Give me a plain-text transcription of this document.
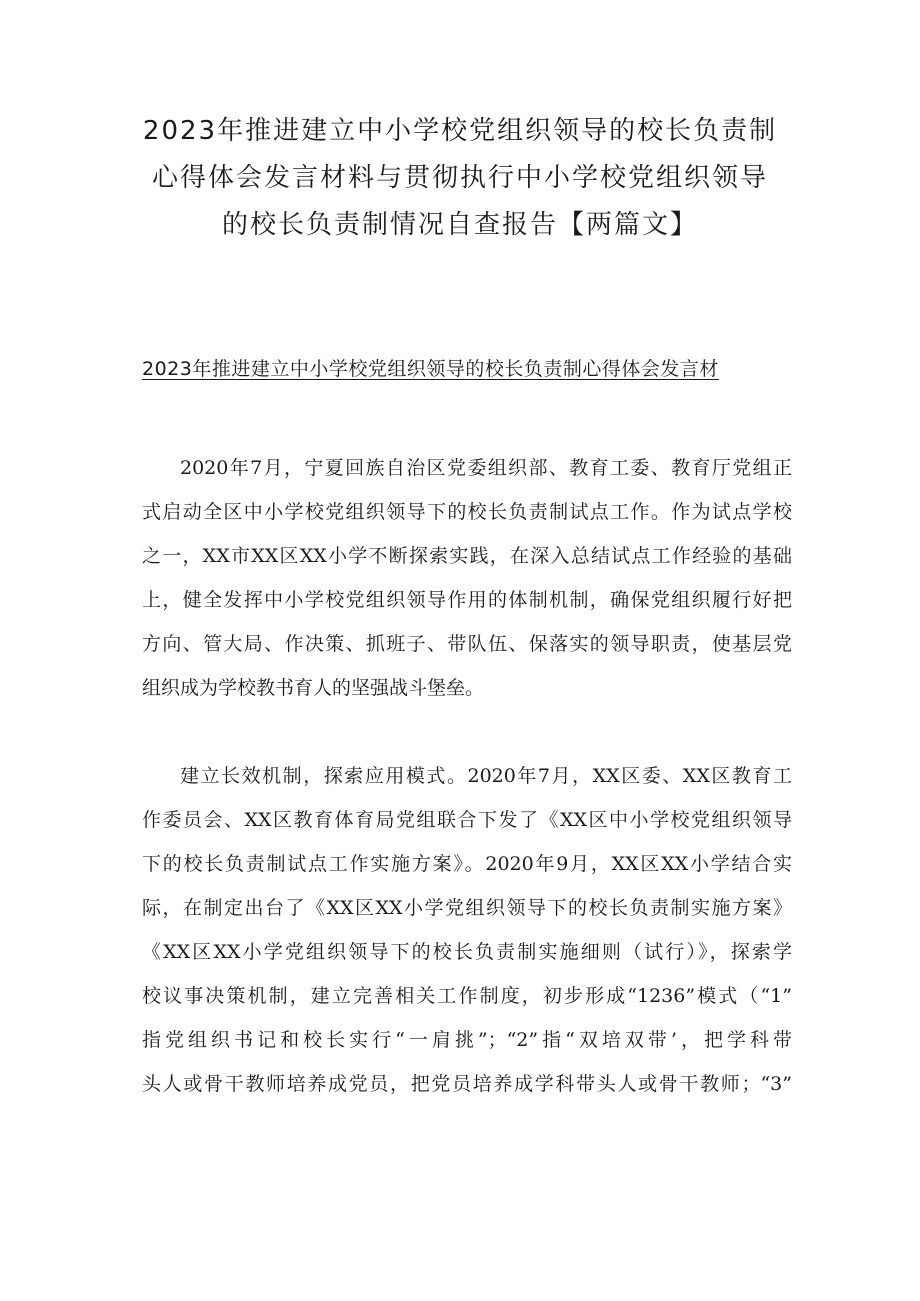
2023年推进建立中小学校党组织领导的校长负责制
心得体会发言材料与贯彻执行中小学校党组织领导
的校长负责制情况自查报告【两篇文】
2023年推进建立中小学校党组织领导的校长负责制心得体会发言材

2020年7月，宁夏回族自治区党委组织部、教育工委、教育厅党组正
式启动全区中小学校党组织领导下的校长负责制试点工作。作为试点学校
之一，XX市XX区XX小学不断探索实践，在深入总结试点工作经验的基础
上，健全发挥中小学校党组织领导作用的体制机制，确保党组织履行好把
方向、管大局、作决策、抓班子、带队伍、保落实的领导职责，使基层党
组织成为学校教书育人的坚强战斗堡垒。

建立长效机制，探索应用模式。2020年7月，XX区委、XX区教育工
作委员会、XX区教育体育局党组联合下发了《XX区中小学校党组织领导
下的校长负责制试点工作实施方案》。2020年9月，XX区XX小学结合实
际，在制定出台了《XX区XX小学党组织领导下的校长负责制实施方案》
《XX区XX小学党组织领导下的校长负责制实施细则（试行）》，探索学
校议事决策机制，建立完善相关工作制度，初步形成“1236”模式（“1”
指党组织书记和校长实行“一肩挑”；“2”指“双培双带’，把学科带
头人或骨干教师培养成党员，把党员培养成学科带头人或骨干教师；“3”
